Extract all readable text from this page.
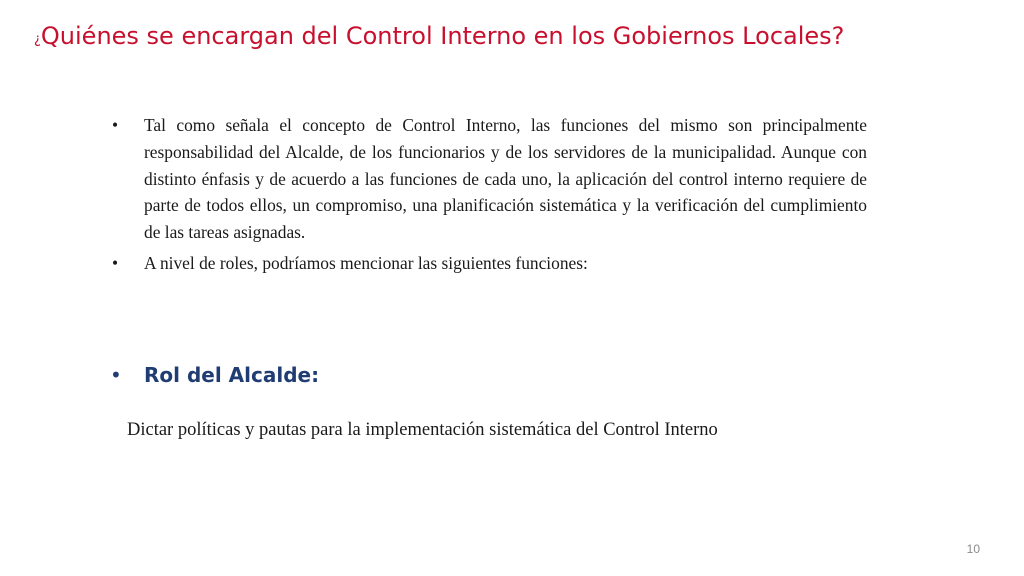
¿Quiénes se encargan del Control Interno en los Gobiernos Locales?
• Tal como señala el concepto de Control Interno, las funciones del mismo son principalmente responsabilidad del Alcalde, de los funcionarios y de los servidores de la municipalidad. Aunque con distinto énfasis y de acuerdo a las funciones de cada uno, la aplicación del control interno requiere de parte de todos ellos, un compromiso, una planificación sistemática y la verificación del cumplimiento de las tareas asignadas.
• A nivel de roles, podríamos mencionar las siguientes funciones:
• Rol del Alcalde:
Dictar políticas y pautas para la implementación sistemática del Control Interno
10
